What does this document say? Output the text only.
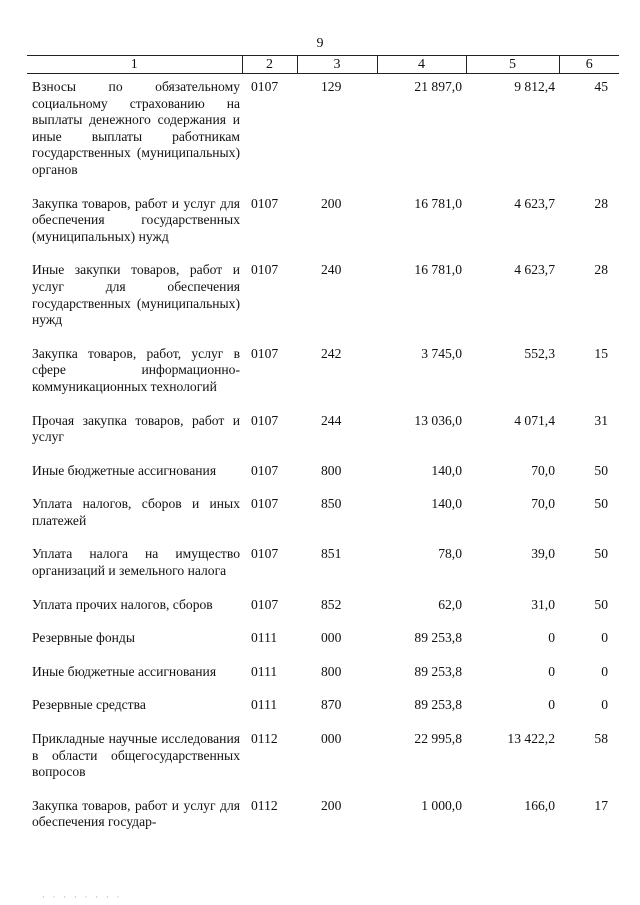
9
1	2	3	4	5	6
Взносы по обязательному социальному страхованию на выплаты денежного содержания и иные выплаты работникам государственных (муниципальных) органов	0107	129	21 897,0	9 812,4	45
Закупка товаров, работ и услуг для обеспечения государственных (муниципальных) нужд	0107	200	16 781,0	4 623,7	28
Иные закупки товаров, работ и услуг для обеспечения государственных (муниципальных) нужд	0107	240	16 781,0	4 623,7	28
Закупка товаров, работ, услуг в сфере информационно-коммуникационных технологий	0107	242	3 745,0	552,3	15
Прочая закупка товаров, работ и услуг	0107	244	13 036,0	4 071,4	31
Иные бюджетные ассигнования	0107	800	140,0	70,0	50
Уплата налогов, сборов и иных платежей	0107	850	140,0	70,0	50
Уплата налога на имущество организаций и земельного налога	0107	851	78,0	39,0	50
Уплата прочих налогов, сборов	0107	852	62,0	31,0	50
Резервные фонды	0111	000	89 253,8	0	0
Иные бюджетные ассигнования	0111	800	89 253,8	0	0
Резервные средства	0111	870	89 253,8	0	0
Прикладные научные исследования в области общегосударственных вопросов	0112	000	22 995,8	13 422,2	58
Закупка товаров, работ и услуг для обеспечения государ-	0112	200	1 000,0	166,0	17
· · · · · · · ·
